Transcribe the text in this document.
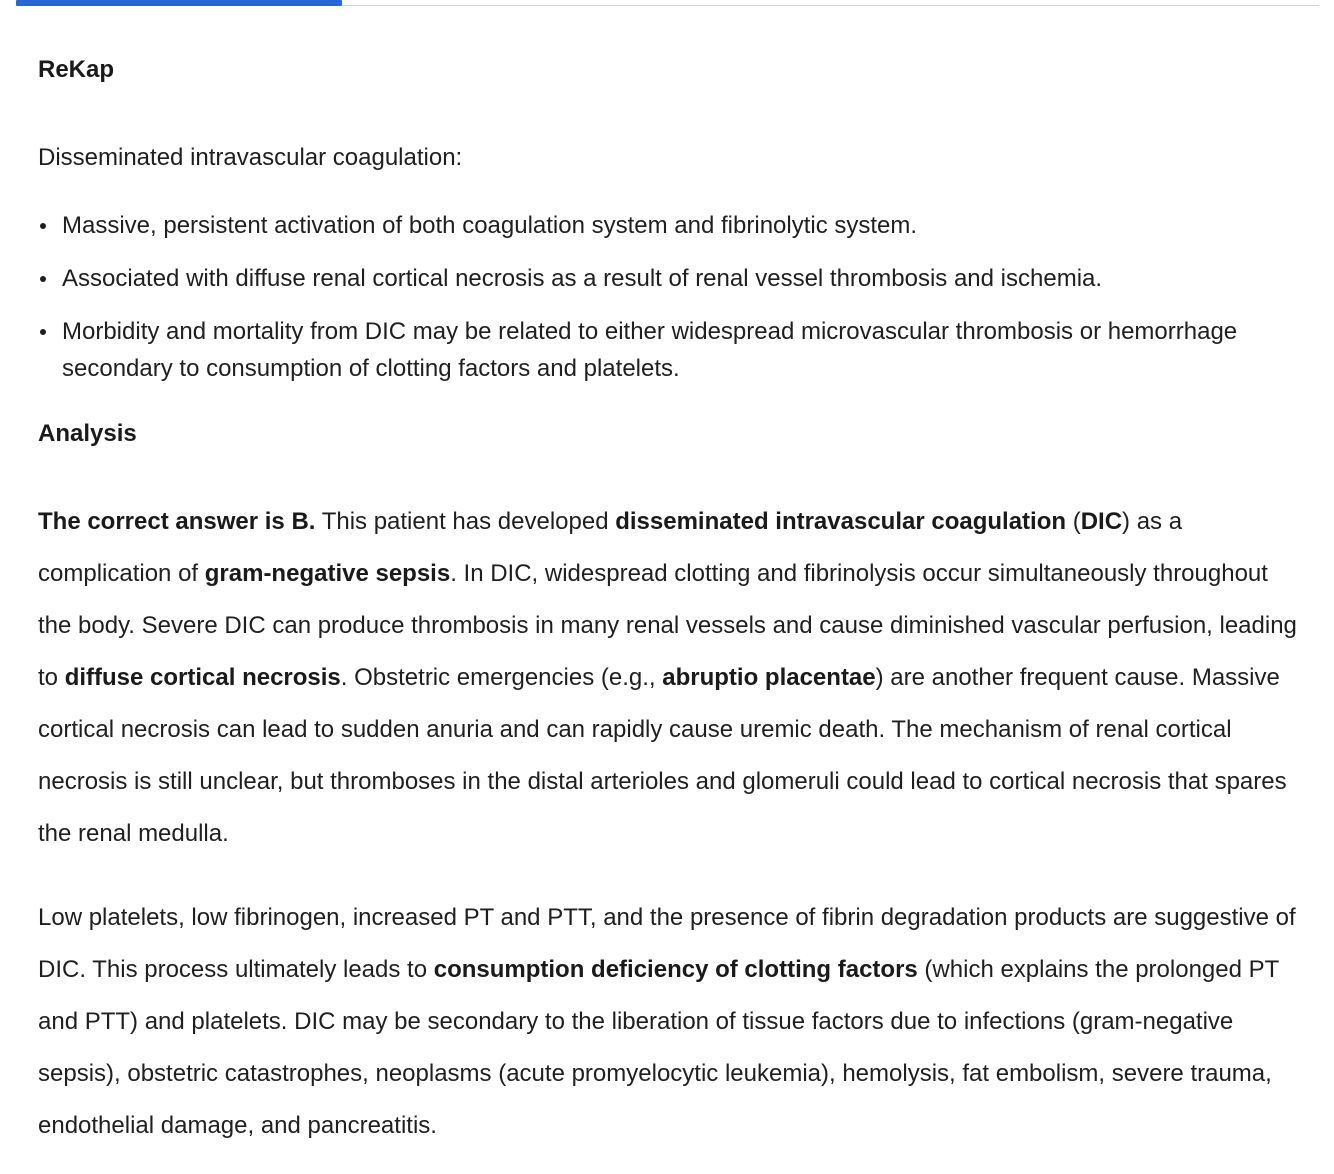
ReKap

Disseminated intravascular coagulation:

Massive, persistent activation of both coagulation system and fibrinolytic system.
Associated with diffuse renal cortical necrosis as a result of renal vessel thrombosis and ischemia.
Morbidity and mortality from DIC may be related to either widespread microvascular thrombosis or hemorrhage secondary to consumption of clotting factors and platelets.
Analysis

The correct answer is B. This patient has developed disseminated intravascular coagulation (DIC) as a complication of gram-negative sepsis. In DIC, widespread clotting and fibrinolysis occur simultaneously throughout the body. Severe DIC can produce thrombosis in many renal vessels and cause diminished vascular perfusion, leading to diffuse cortical necrosis. Obstetric emergencies (e.g., abruptio placentae) are another frequent cause. Massive cortical necrosis can lead to sudden anuria and can rapidly cause uremic death. The mechanism of renal cortical necrosis is still unclear, but thromboses in the distal arterioles and glomeruli could lead to cortical necrosis that spares the renal medulla.

Low platelets, low fibrinogen, increased PT and PTT, and the presence of fibrin degradation products are suggestive of DIC. This process ultimately leads to consumption deficiency of clotting factors (which explains the prolonged PT and PTT) and platelets. DIC may be secondary to the liberation of tissue factors due to infections (gram-negative sepsis), obstetric catastrophes, neoplasms (acute promyelocytic leukemia), hemolysis, fat embolism, severe trauma, endothelial damage, and pancreatitis.
